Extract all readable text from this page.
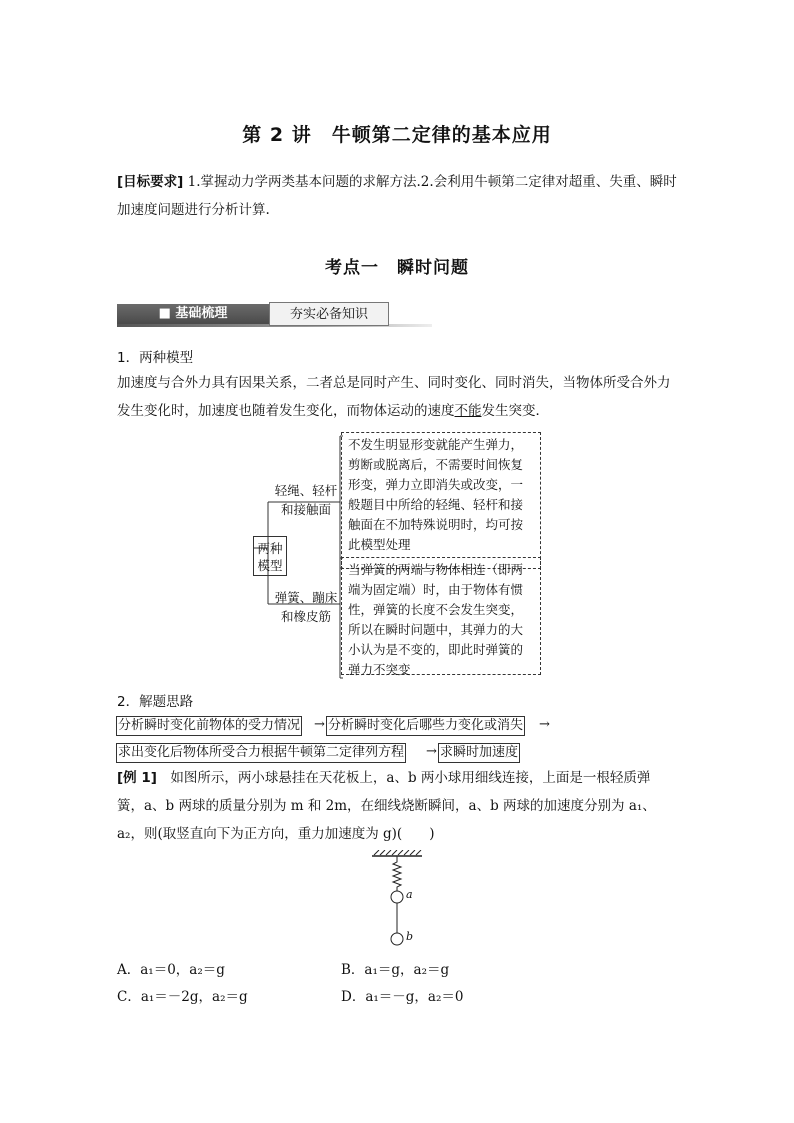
第 2 讲　牛顿第二定律的基本应用
[目标要求] 1.掌握动力学两类基本问题的求解方法.2.会利用牛顿第二定律对超重、失重、瞬时加速度问题进行分析计算.
考点一　瞬时问题
■ 基础梳理	夯实必备知识
1．两种模型
加速度与合外力具有因果关系，二者总是同时产生、同时变化、同时消失，当物体所受合外力发生变化时，加速度也随着发生变化，而物体运动的速度不能发生突变．
两种模型
轻绳、轻杆
和接触面
弹簧、蹦床
和橡皮筋
不发生明显形变就能产生弹力，剪断或脱离后，不需要时间恢复形变，弹力立即消失或改变，一般题目中所给的轻绳、轻杆和接触面在不加特殊说明时，均可按此模型处理
当弹簧的两端与物体相连（即两端为固定端）时，由于物体有惯性，弹簧的长度不会发生突变，所以在瞬时问题中，其弹力的大小认为是不变的，即此时弹簧的弹力不突变
2．解题思路
分析瞬时变化前物体的受力情况 → 分析瞬时变化后哪些力变化或消失 →
求出变化后物体所受合力根据牛顿第二定律列方程 → 求瞬时加速度
[例 1]　如图所示，两小球悬挂在天花板上，a、b 两小球用细线连接，上面是一根轻质弹簧，a、b 两球的质量分别为 m 和 2m，在细线烧断瞬间，a、b 两球的加速度分别为 a₁、a₂，则(取竖直向下为正方向，重力加速度为 g)(　　)
a
b
A．a₁＝0，a₂＝g	B．a₁＝g，a₂＝g
C．a₁＝－2g，a₂＝g	D．a₁＝－g，a₂＝0
